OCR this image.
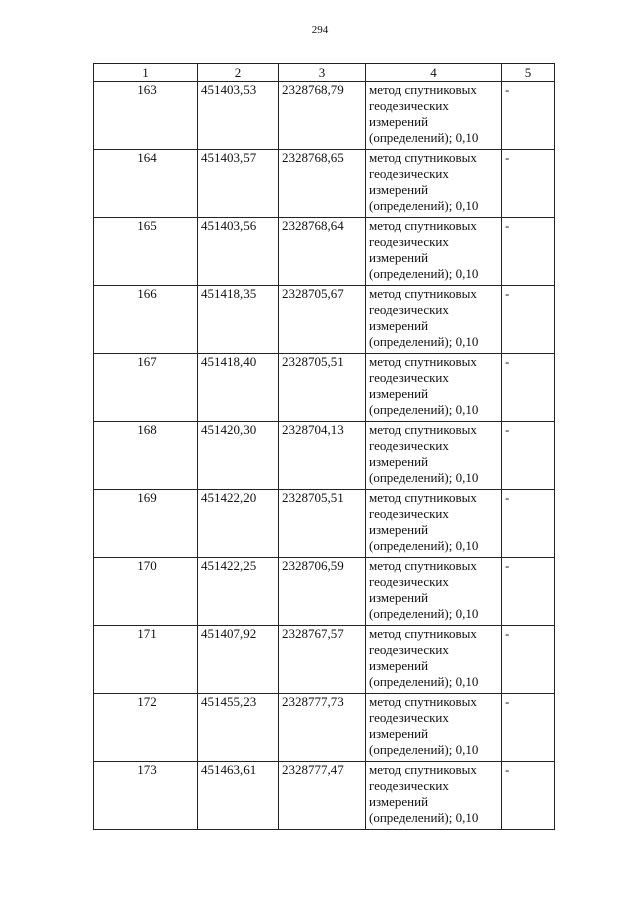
294
1	2	3	4	5
163	451403,53	2328768,79	метод спутниковых геодезических измерений (определений); 0,10	-
164	451403,57	2328768,65	метод спутниковых геодезических измерений (определений); 0,10	-
165	451403,56	2328768,64	метод спутниковых геодезических измерений (определений); 0,10	-
166	451418,35	2328705,67	метод спутниковых геодезических измерений (определений); 0,10	-
167	451418,40	2328705,51	метод спутниковых геодезических измерений (определений); 0,10	-
168	451420,30	2328704,13	метод спутниковых геодезических измерений (определений); 0,10	-
169	451422,20	2328705,51	метод спутниковых геодезических измерений (определений); 0,10	-
170	451422,25	2328706,59	метод спутниковых геодезических измерений (определений); 0,10	-
171	451407,92	2328767,57	метод спутниковых геодезических измерений (определений); 0,10	-
172	451455,23	2328777,73	метод спутниковых геодезических измерений (определений); 0,10	-
173	451463,61	2328777,47	метод спутниковых геодезических измерений (определений); 0,10	-
